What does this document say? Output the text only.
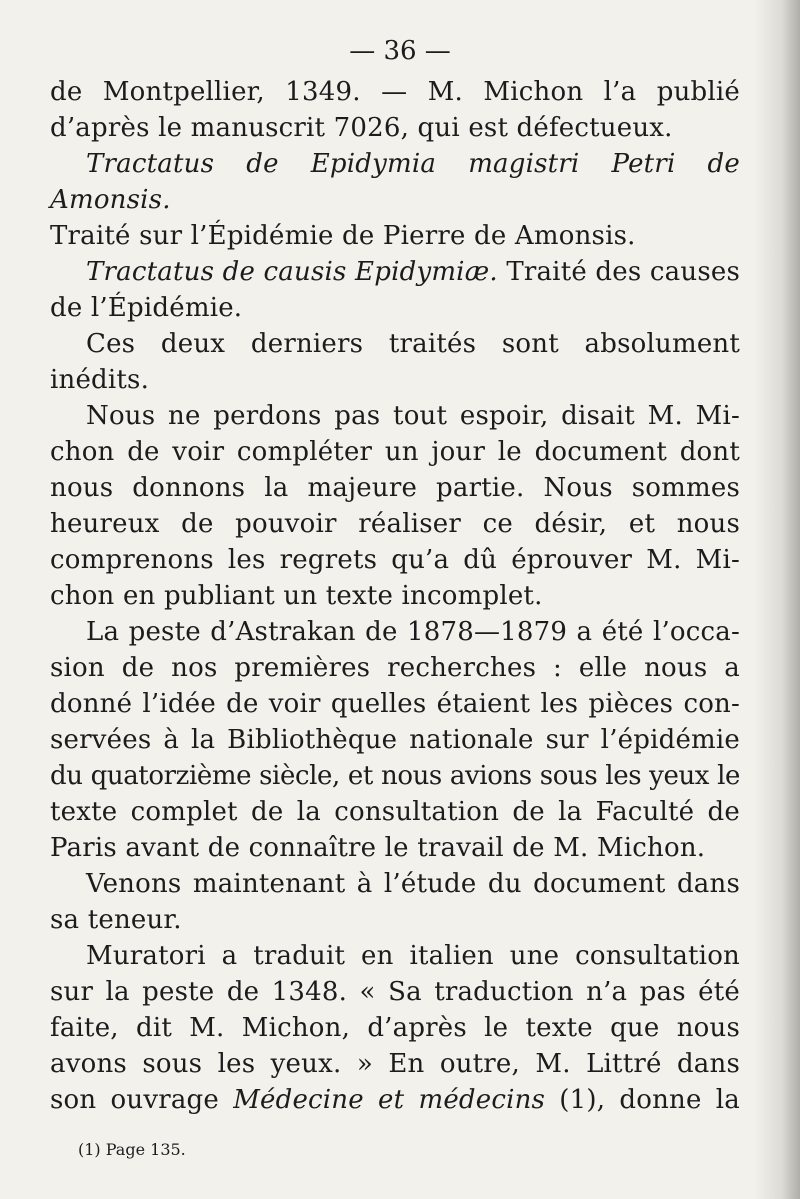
— 36 —

de Montpellier, 1349. — M. Michon l’a publié

d’après le manuscrit 7026, qui est défectueux.

Tractatus de Epidymia magistri Petri de Amonsis.

Traité sur l’Épidémie de Pierre de Amonsis.

Tractatus de causis Epidymiæ. Traité des causes

de l’Épidémie.

Ces deux derniers traités sont absolument

inédits.

Nous ne perdons pas tout espoir, disait M. Mi-

chon de voir compléter un jour le document dont

nous donnons la majeure partie. Nous sommes

heureux de pouvoir réaliser ce désir, et nous

comprenons les regrets qu’a dû éprouver M. Mi-

chon en publiant un texte incomplet.

La peste d’Astrakan de 1878—1879 a été l’occa-

sion de nos premières recherches : elle nous a

donné l’idée de voir quelles étaient les pièces con-

servées à la Bibliothèque nationale sur l’épidémie

du quatorzième siècle, et nous avions sous les yeux le

texte complet de la consultation de la Faculté de

Paris avant de connaître le travail de M. Michon.

Venons maintenant à l’étude du document dans

sa teneur.

Muratori a traduit en italien une consultation

sur la peste de 1348. « Sa traduction n’a pas été

faite, dit M. Michon, d’après le texte que nous

avons sous les yeux. » En outre, M. Littré dans

son ouvrage Médecine et médecins (1), donne la

(1) Page 135.
